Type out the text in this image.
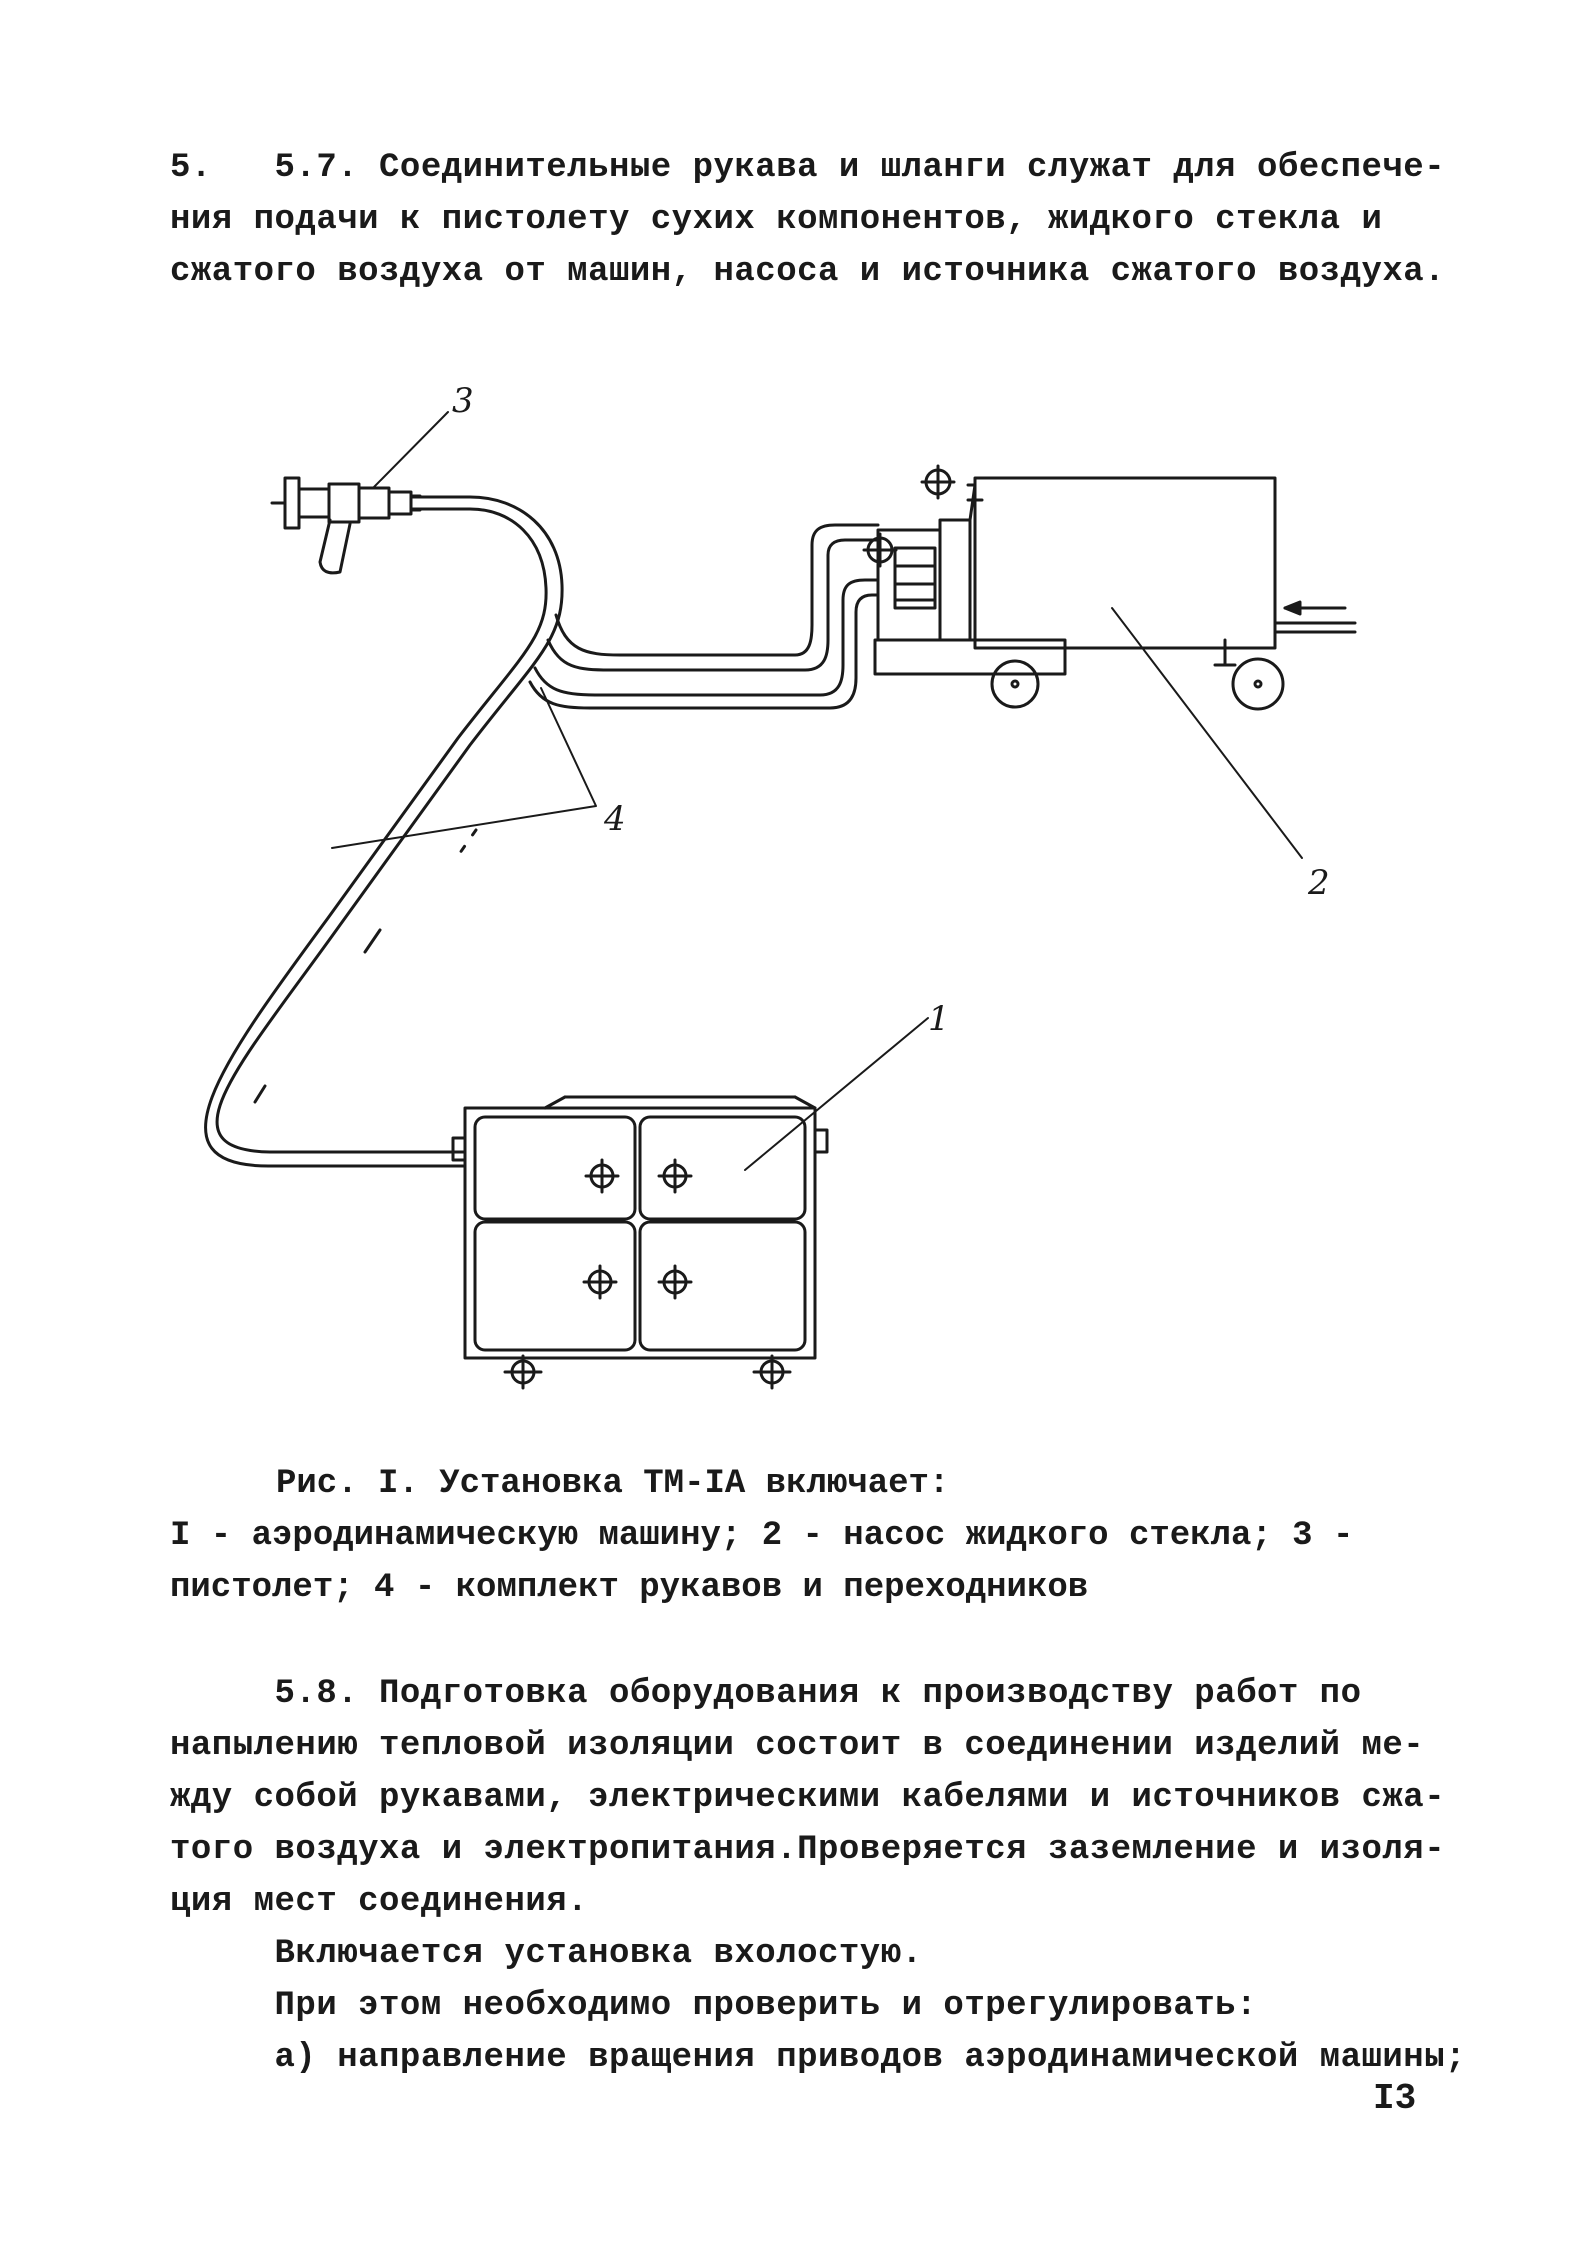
5.   5.7. Соединительные рукава и шланги служат для обеспече-
ния подачи к пистолету сухих компонентов, жидкого стекла и
сжатого воздуха от машин, насоса и источника сжатого воздуха.
3
2
1
4
Рис. I. Установка ТМ-IА включает:
I - аэродинамическую машину; 2 - насос жидкого стекла; 3 -
пистолет; 4 - комплект рукавов и переходников
5.8. Подготовка оборудования к производству работ по
напылению тепловой изоляции состоит в соединении изделий ме-
жду собой рукавами, электрическими кабелями и источников сжа-
того воздуха и электропитания.Проверяется заземление и изоля-
ция мест соединения.
Включается установка вхолостую.
При этом необходимо проверить и отрегулировать:
а) направление вращения приводов аэродинамической машины;
I3
